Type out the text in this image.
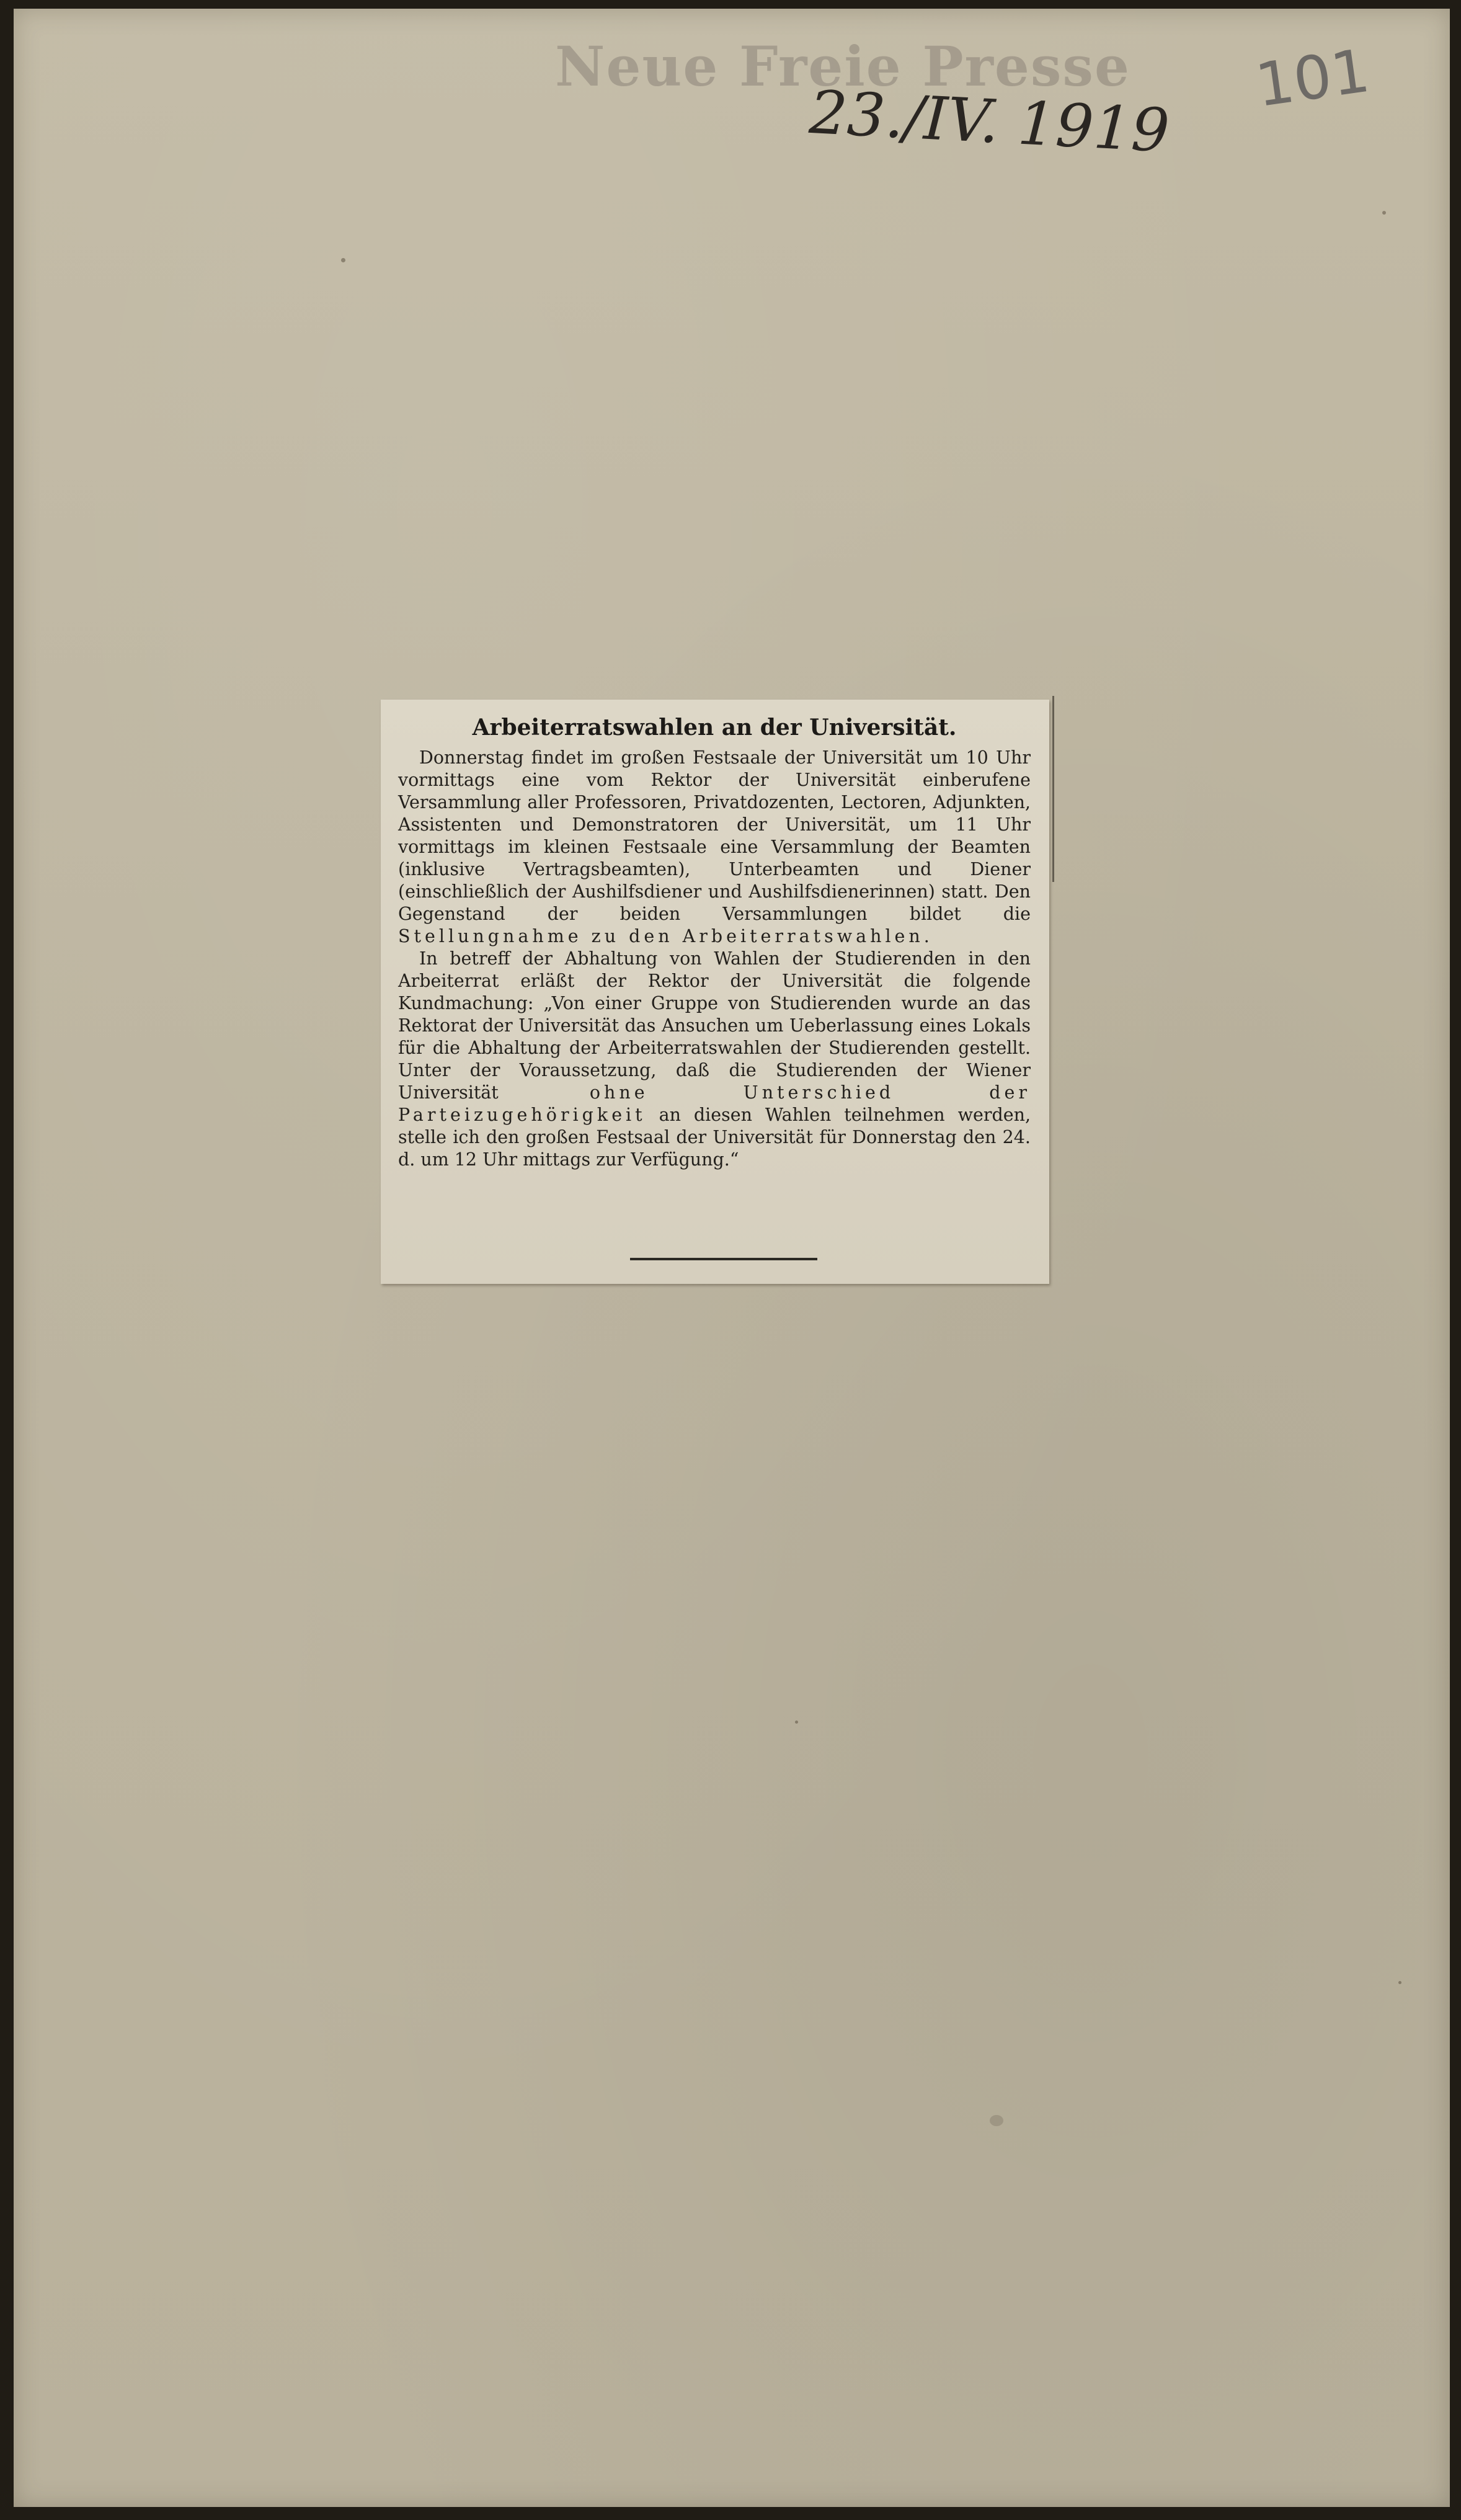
Neue Freie Presse
23./IV. 1919 101
Arbeiterratswahlen an der Universität.

Donnerstag findet im großen Festsaale der Universität um 10 Uhr vormittags eine vom Rektor der Universität einberufene Versammlung aller Professoren, Privatdozenten, Lectoren, Adjunkten, Assistenten und Demonstratoren der Universität, um 11 Uhr vormittags im kleinen Festsaale eine Versammlung der Beamten (inklusive Vertragsbeamten), Unterbeamten und Diener (einschließlich der Aushilfsdiener und Aushilfsdienerinnen) statt. Den Gegenstand der beiden Versammlungen bildet die Stellungnahme zu den Arbeiterratswahlen.

In betreff der Abhaltung von Wahlen der Studierenden in den Arbeiterrat erläßt der Rektor der Universität die folgende Kundmachung: „Von einer Gruppe von Studierenden wurde an das Rektorat der Universität das Ansuchen um Ueberlassung eines Lokals für die Abhaltung der Arbeiterratswahlen der Studierenden gestellt. Unter der Voraussetzung, daß die Studierenden der Wiener Universität	ohne Unterschied der Parteizugehörigkeit an diesen Wahlen teilnehmen werden, stelle ich den großen Festsaal der Universität für Donnerstag den 24. d. um 12 Uhr mittags zur Verfügung.“
